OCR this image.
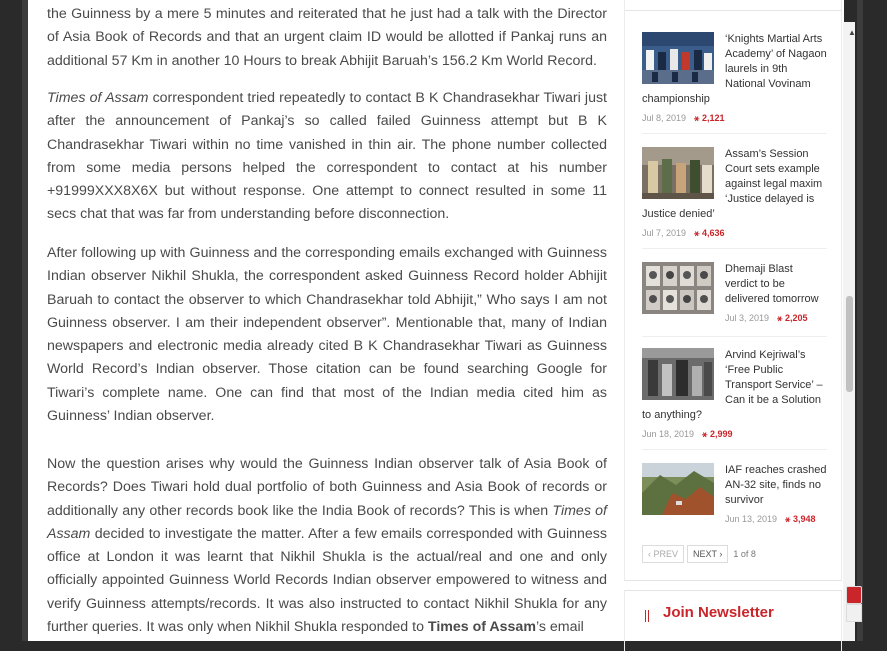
the Guinness by a mere 5 minutes and reiterated that he just had a talk with the Director of Asia Book of Records and that an urgent claim ID would be allotted if Pankaj runs an additional 57 Km in another 10 Hours to break Abhijit Baruah’s 156.2 Km World Record.

Times of Assam correspondent tried repeatedly to contact B K Chandrasekhar Tiwari just after the announcement of Pankaj’s so called failed Guinness attempt but B K Chandrasekhar Tiwari within no time vanished in thin air. The phone number collected from some media persons helped the correspondent to contact at his number +91999XXX8X6X but without response. One attempt to connect resulted in some 11 secs chat that was far from understanding before disconnection.

After following up with Guinness and the corresponding emails exchanged with Guinness Indian observer Nikhil Shukla, the correspondent asked Guinness Record holder Abhijit Baruah to contact the observer to which Chandrasekhar told Abhijit,” Who says I am not Guinness observer. I am their independent observer”. Mentionable that, many of Indian newspapers and electronic media already cited B K Chandrasekhar Tiwari as Guinness World Record’s Indian observer. Those citation can be found searching Google for Tiwari’s complete name. One can find that most of the Indian media cited him as Guinness’ Indian observer.

Now the question arises why would the Guinness Indian observer talk of Asia Book of Records? Does Tiwari hold dual portfolio of both Guinness and Asia Book of records or additionally any other records book like the India Book of records? This is when Times of Assam decided to investigate the matter. After a few emails corresponded with Guinness office at London it was learnt that Nikhil Shukla is the actual/real and one and only officially appointed Guinness World Records Indian observer empowered to witness and verify Guinness attempts/records. It was also instructed to contact Nikhil Shukla for any further queries. It was only when Nikhil Shukla responded to Times of Assam’s email

‘Knights Martial Arts Academy’ of Nagaon laurels in 9th National Vovinam
championship
Jul 8, 2019 ⚹ 2,121
Assam’s Session Court sets example against legal maxim ‘Justice delayed is
Justice denied’
Jul 7, 2019 ⚹ 4,636
Dhemaji Blast verdict to be delivered tomorrow
Jul 3, 2019 ⚹ 2,205
Arvind Kejriwal’s ‘Free Public Transport Service’ – Can it be a Solution
to anything?
Jun 18, 2019 ⚹ 2,999
IAF reaches crashed AN-32 site, finds no survivor
Jun 13, 2019 ⚹ 3,948
‹ PREV NEXT › 1 of 8
Join Newsletter
▲
